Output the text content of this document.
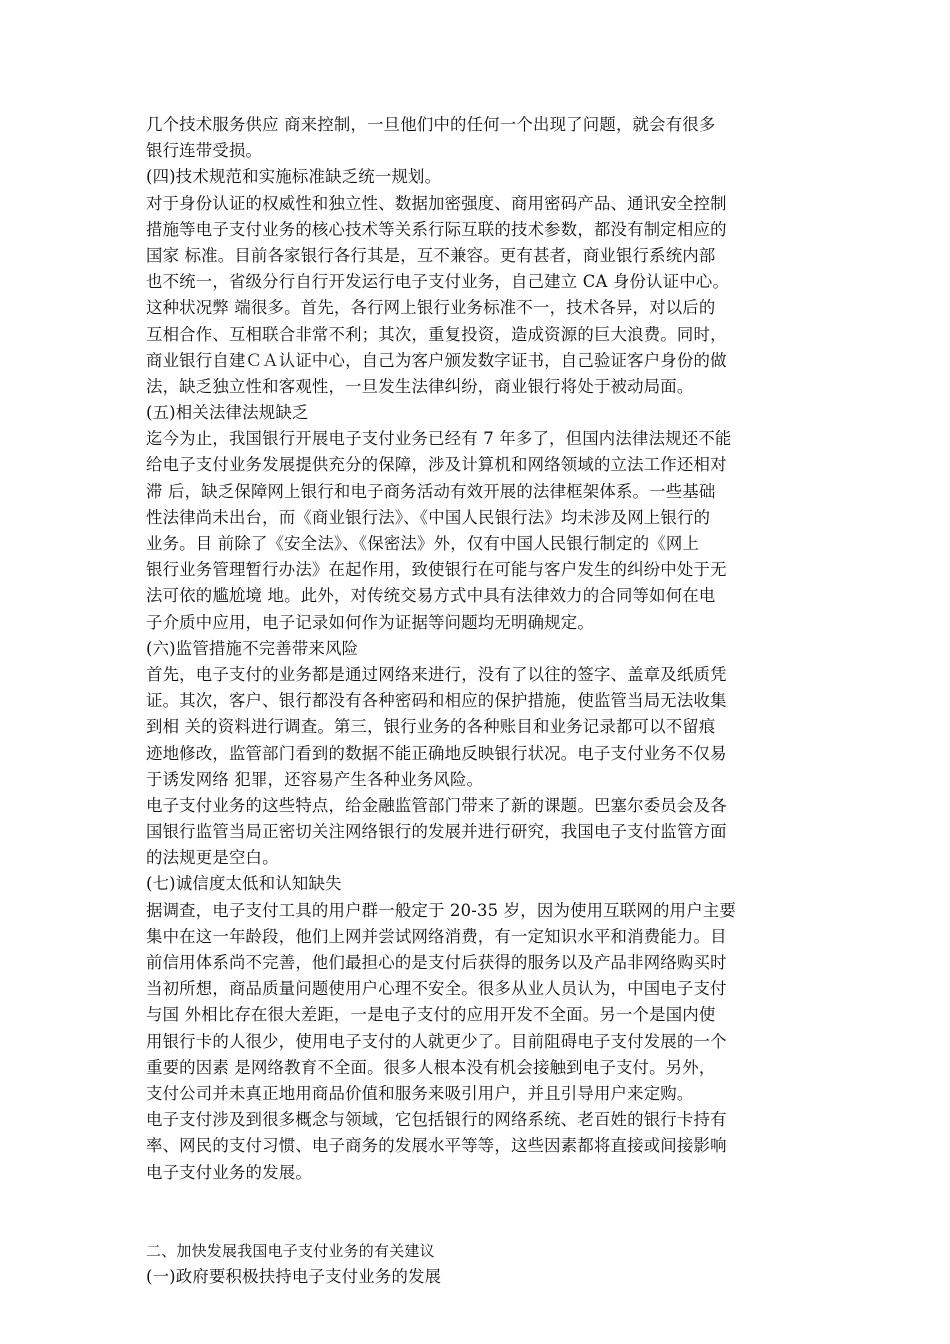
几个技术服务供应 商来控制，一旦他们中的任何一个出现了问题，就会有很多

银行连带受损。

(四)技术规范和实施标准缺乏统一规划。

对于身份认证的权威性和独立性、数据加密强度、商用密码产品、通讯安全控制

措施等电子支付业务的核心技术等关系行际互联的技术参数，都没有制定相应的

国家 标准。目前各家银行各行其是，互不兼容。更有甚者，商业银行系统内部

也不统一，省级分行自行开发运行电子支付业务，自己建立 CA 身份认证中心。

这种状况弊 端很多。首先，各行网上银行业务标准不一，技术各异，对以后的

互相合作、互相联合非常不利；其次，重复投资，造成资源的巨大浪费。同时，

商业银行自建ＣＡ认证中心，自己为客户颁发数字证书，自己验证客户身份的做

法，缺乏独立性和客观性，一旦发生法律纠纷，商业银行将处于被动局面。

(五)相关法律法规缺乏

迄今为止，我国银行开展电子支付业务已经有 7 年多了，但国内法律法规还不能

给电子支付业务发展提供充分的保障，涉及计算机和网络领域的立法工作还相对

滞 后，缺乏保障网上银行和电子商务活动有效开展的法律框架体系。一些基础

性法律尚未出台，而《商业银行法》、《中国人民银行法》均未涉及网上银行的

业务。目 前除了《安全法》、《保密法》外，仅有中国人民银行制定的《网上

银行业务管理暂行办法》在起作用，致使银行在可能与客户发生的纠纷中处于无

法可依的尴尬境 地。此外，对传统交易方式中具有法律效力的合同等如何在电

子介质中应用，电子记录如何作为证据等问题均无明确规定。

(六)监管措施不完善带来风险

首先，电子支付的业务都是通过网络来进行，没有了以往的签字、盖章及纸质凭

证。其次，客户、银行都没有各种密码和相应的保护措施，使监管当局无法收集

到相 关的资料进行调查。第三，银行业务的各种账目和业务记录都可以不留痕

迹地修改，监管部门看到的数据不能正确地反映银行状况。电子支付业务不仅易

于诱发网络 犯罪，还容易产生各种业务风险。

电子支付业务的这些特点，给金融监管部门带来了新的课题。巴塞尔委员会及各

国银行监管当局正密切关注网络银行的发展并进行研究，我国电子支付监管方面

的法规更是空白。

(七)诚信度太低和认知缺失

据调查，电子支付工具的用户群一般定于 20-35 岁，因为使用互联网的用户主要

集中在这一年龄段，他们上网并尝试网络消费，有一定知识水平和消费能力。目

前信用体系尚不完善，他们最担心的是支付后获得的服务以及产品非网络购买时

当初所想，商品质量问题使用户心理不安全。很多从业人员认为，中国电子支付

与国 外相比存在很大差距，一是电子支付的应用开发不全面。另一个是国内使

用银行卡的人很少，使用电子支付的人就更少了。目前阻碍电子支付发展的一个

重要的因素 是网络教育不全面。很多人根本没有机会接触到电子支付。另外，

支付公司并未真正地用商品价值和服务来吸引用户，并且引导用户来定购。

电子支付涉及到很多概念与领域，它包括银行的网络系统、老百姓的银行卡持有

率、网民的支付习惯、电子商务的发展水平等等，这些因素都将直接或间接影响

电子支付业务的发展。

二、加快发展我国电子支付业务的有关建议

(一)政府要积极扶持电子支付业务的发展
